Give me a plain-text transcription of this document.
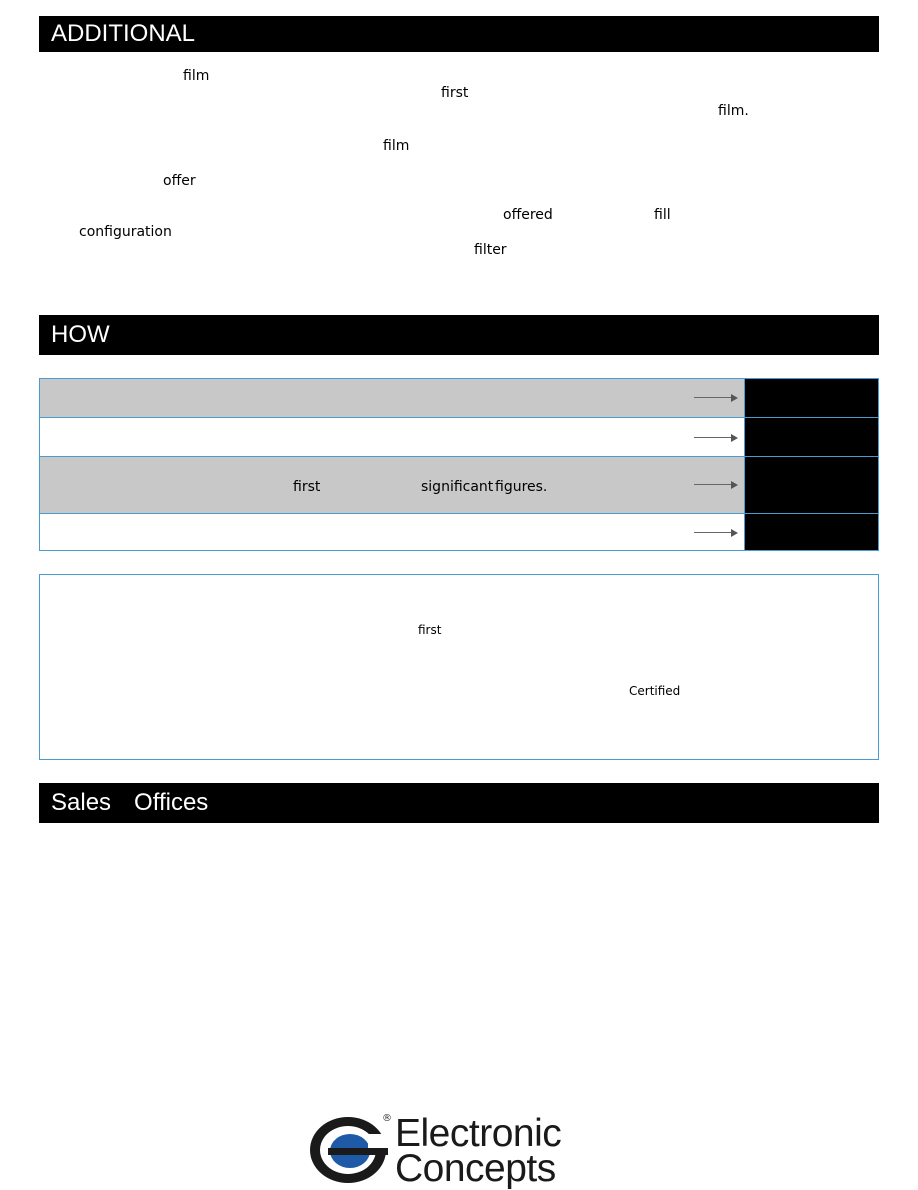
ADDITIONAL
film
first
film.
film
offer
offered	fill
configuration
filter
HOW
first	significant figures.
first
Certified
Sales Offices
® Electronic
Concepts
